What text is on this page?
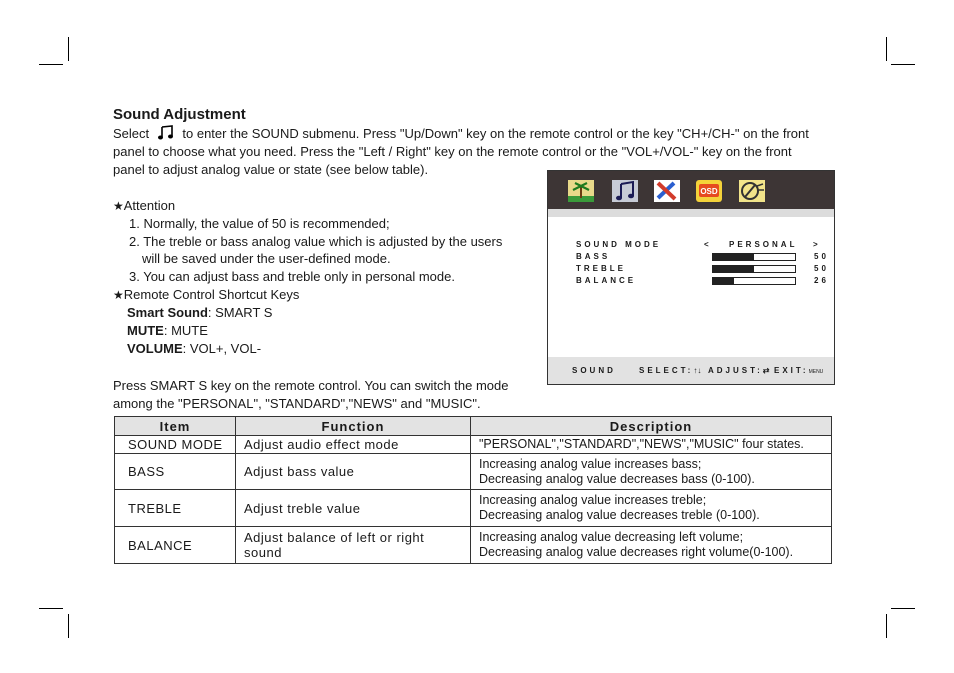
Sound Adjustment
Select	to enter the SOUND submenu. Press "Up/Down" key on the remote control or the key "CH+/CH-" on the front
panel to choose what you need. Press the "Left / Right" key on the remote control or the "VOL+/VOL-" key on the front
panel to adjust analog value or state (see below table).
★Attention
1. Normally, the value of 50 is recommended;
2. The treble or bass analog value which is adjusted by the users
will be saved under the user-defined mode.
3. You can adjust bass and treble only in personal mode.
★Remote Control Shortcut Keys
Smart Sound: SMART S
MUTE: MUTE
VOLUME: VOL+, VOL-
Press SMART S key on the remote control. You can switch the mode
among the "PERSONAL", "STANDARD","NEWS" and "MUSIC".
OSD
SOUND MODE	< PERSONAL >
BASS	50
TREBLE	50
BALANCE	26
SOUND	SELECT:↑↓ ADJUST:⇄ EXIT:MENU
Item	Function	Description
SOUND MODE	Adjust audio effect mode	"PERSONAL","STANDARD","NEWS","MUSIC" four states.
BASS	Adjust bass value	Increasing analog value increases bass;
Decreasing analog value decreases bass (0-100).

TREBLE	Adjust treble value	Increasing analog value increases treble;
Decreasing analog value decreases treble (0-100).

BALANCE	Adjust balance of left or right sound	Increasing analog value decreasing left volume;
Decreasing analog value decreases right volume(0-100).
